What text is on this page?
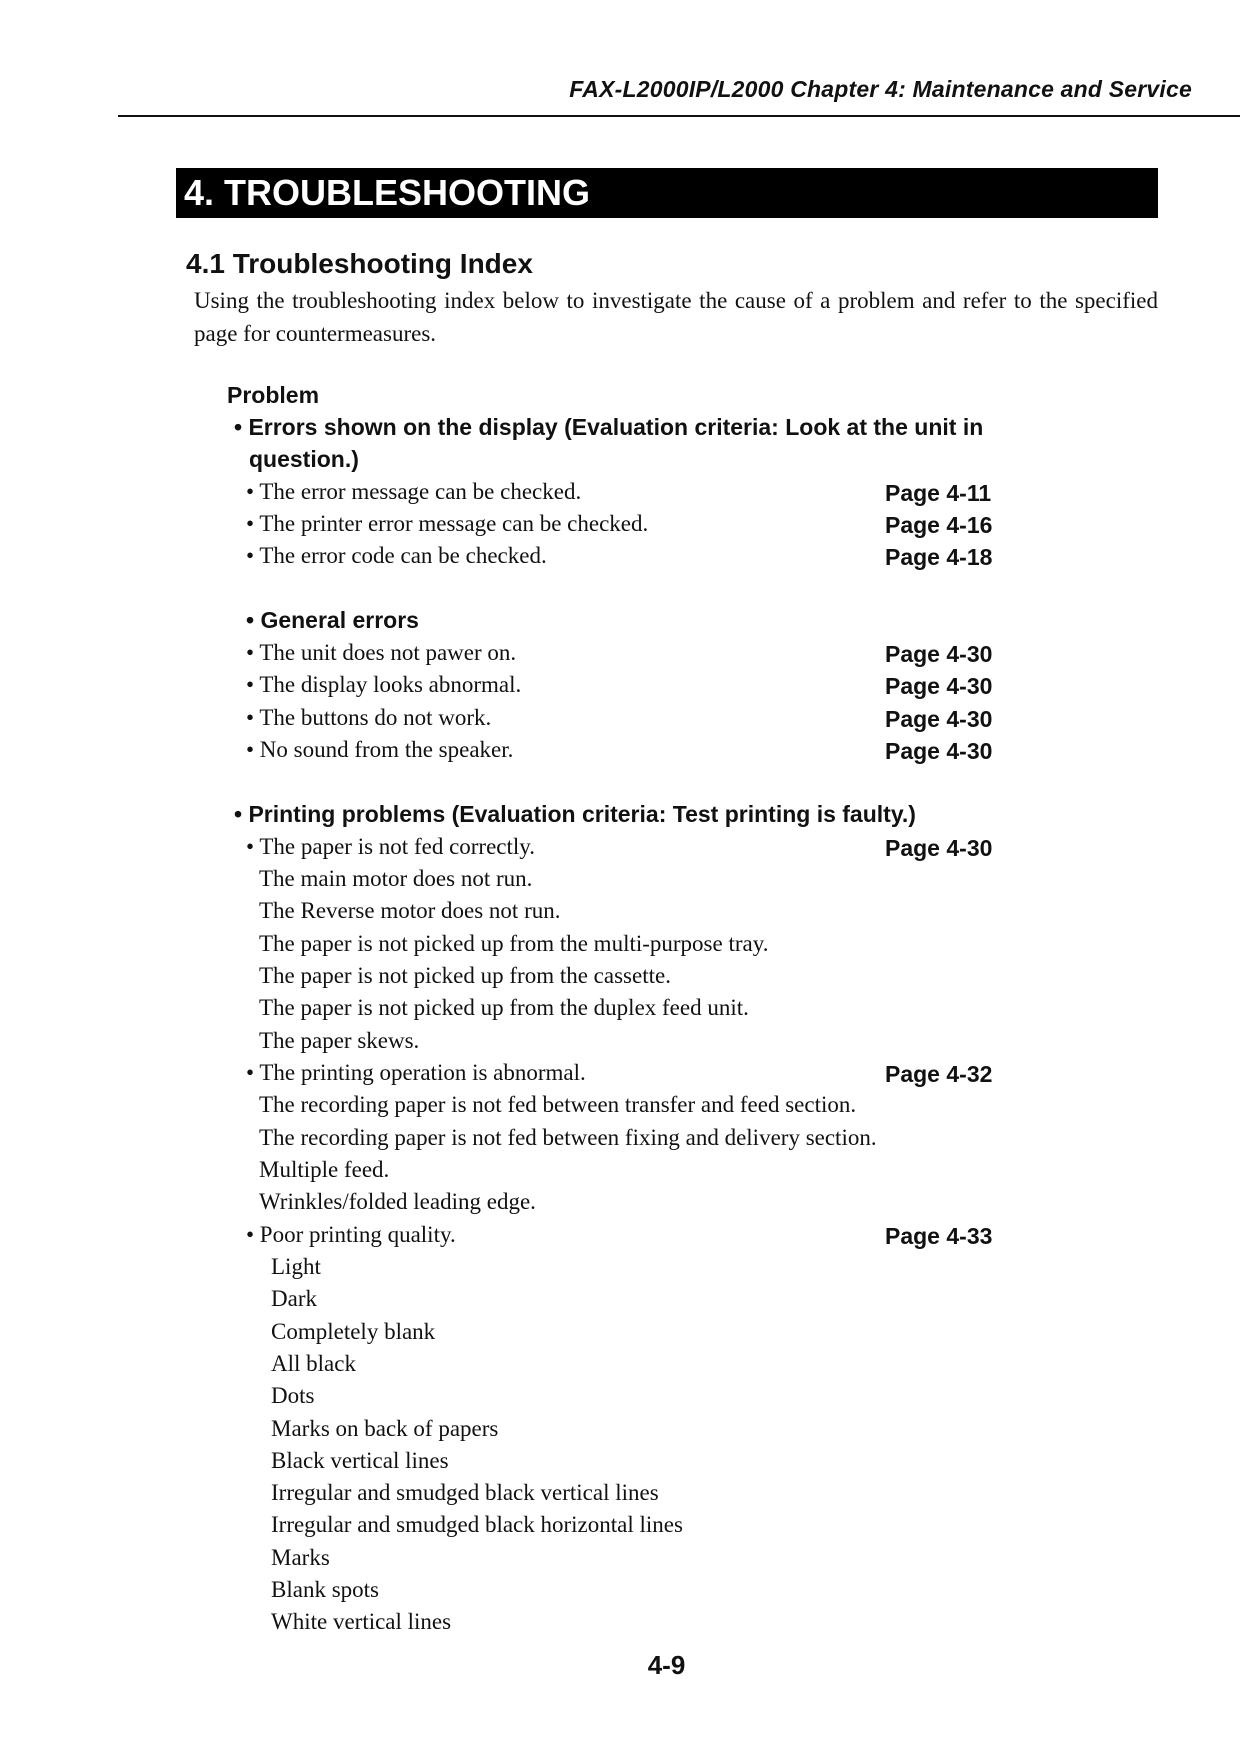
FAX-L2000IP/L2000 Chapter 4: Maintenance and Service
4. TROUBLESHOOTING
4.1 Troubleshooting Index
Using the troubleshooting index below to investigate the cause of a problem and refer to the specified page for countermeasures.
Problem
• Errors shown on the display (Evaluation criteria: Look at the unit in
question.)
• The error message can be checked.	Page 4-11
• The printer error message can be checked.	Page 4-16
• The error code can be checked.	Page 4-18
• General errors
• The unit does not pawer on.	Page 4-30
• The display looks abnormal.	Page 4-30
• The buttons do not work.	Page 4-30
• No sound from the speaker.	Page 4-30
• Printing problems (Evaluation criteria: Test printing is faulty.)
• The paper is not fed correctly.	Page 4-30
The main motor does not run.
The Reverse motor does not run.
The paper is not picked up from the multi-purpose tray.
The paper is not picked up from the cassette.
The paper is not picked up from the duplex feed unit.
The paper skews.
• The printing operation is abnormal.	Page 4-32
The recording paper is not fed between transfer and feed section.
The recording paper is not fed between fixing and delivery section.
Multiple feed.
Wrinkles/folded leading edge.
• Poor printing quality.	Page 4-33
Light
Dark
Completely blank
All black
Dots
Marks on back of papers
Black vertical lines
Irregular and smudged black vertical lines
Irregular and smudged black horizontal lines
Marks
Blank spots
White vertical lines
4-9
